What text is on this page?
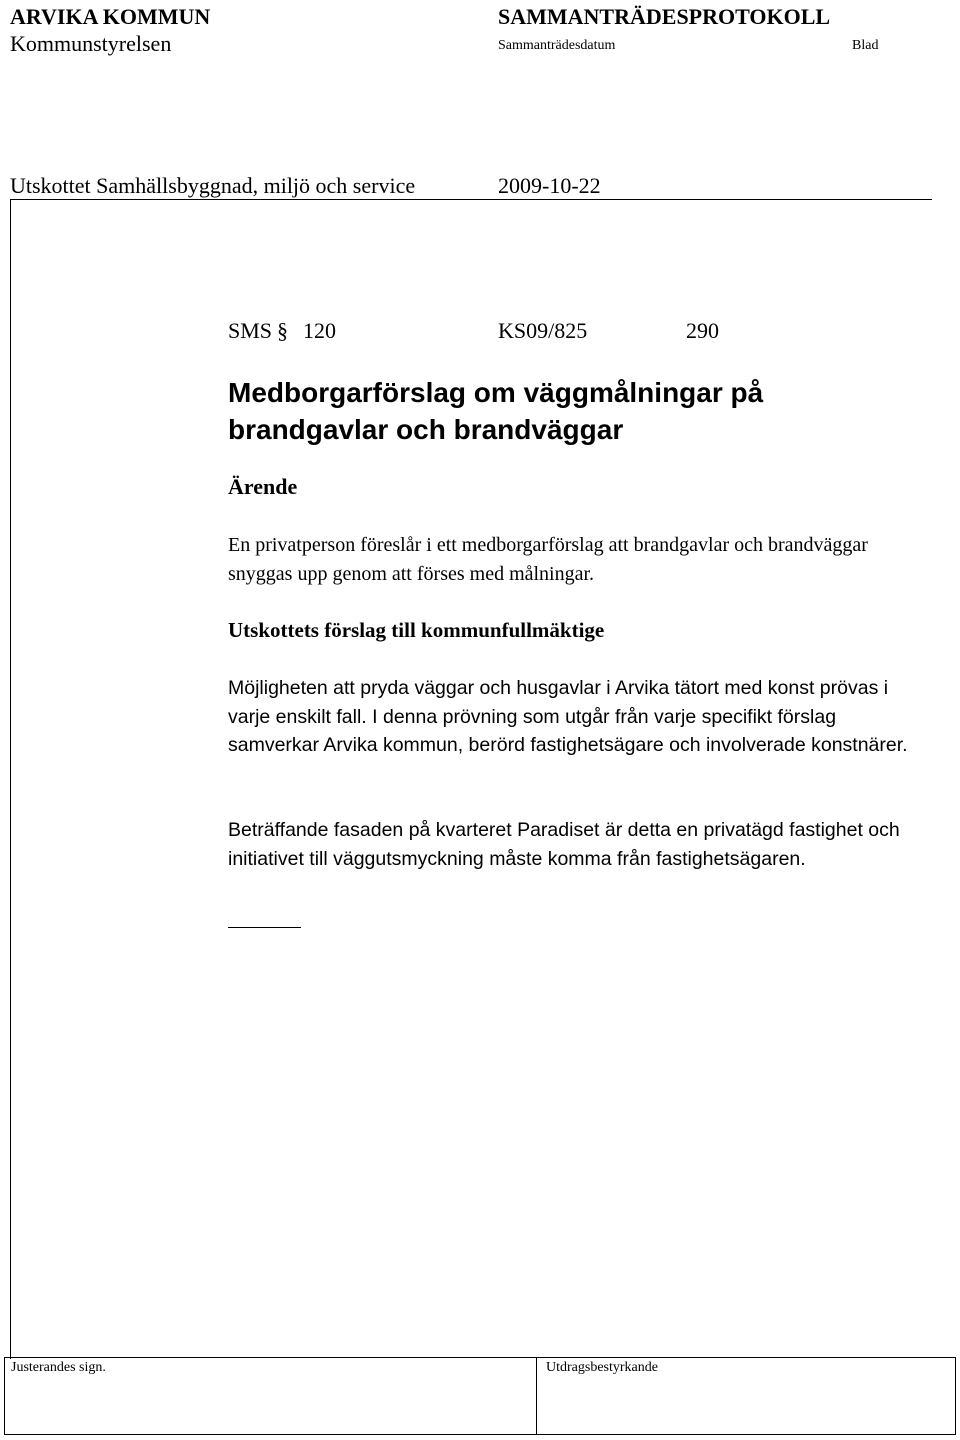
ARVIKA KOMMUN
Kommunstyrelsen
SAMMANTRÄDESPROTOKOLL
Sammanträdesdatum	Blad
Utskottet Samhällsbyggnad, miljö och service	2009-10-22
SMS § 120	KS09/825	290
Medborgarförslag om väggmålningar på brandgavlar och brandväggar
Ärende
En privatperson föreslår i ett medborgarförslag att brandgavlar och brandväggar snyggas upp genom att förses med målningar.
Utskottets förslag till kommunfullmäktige
Möjligheten att pryda väggar och husgavlar i Arvika tätort med konst prövas i varje enskilt fall. I denna prövning som utgår från varje specifikt förslag samverkar Arvika kommun, berörd fastighetsägare och involverade konstnärer.
Beträffande fasaden på kvarteret Paradiset är detta en privatägd fastighet och initiativet till väggutsmyckning måste komma från fastighetsägaren.
Justerandes sign.	Utdragsbestyrkande
